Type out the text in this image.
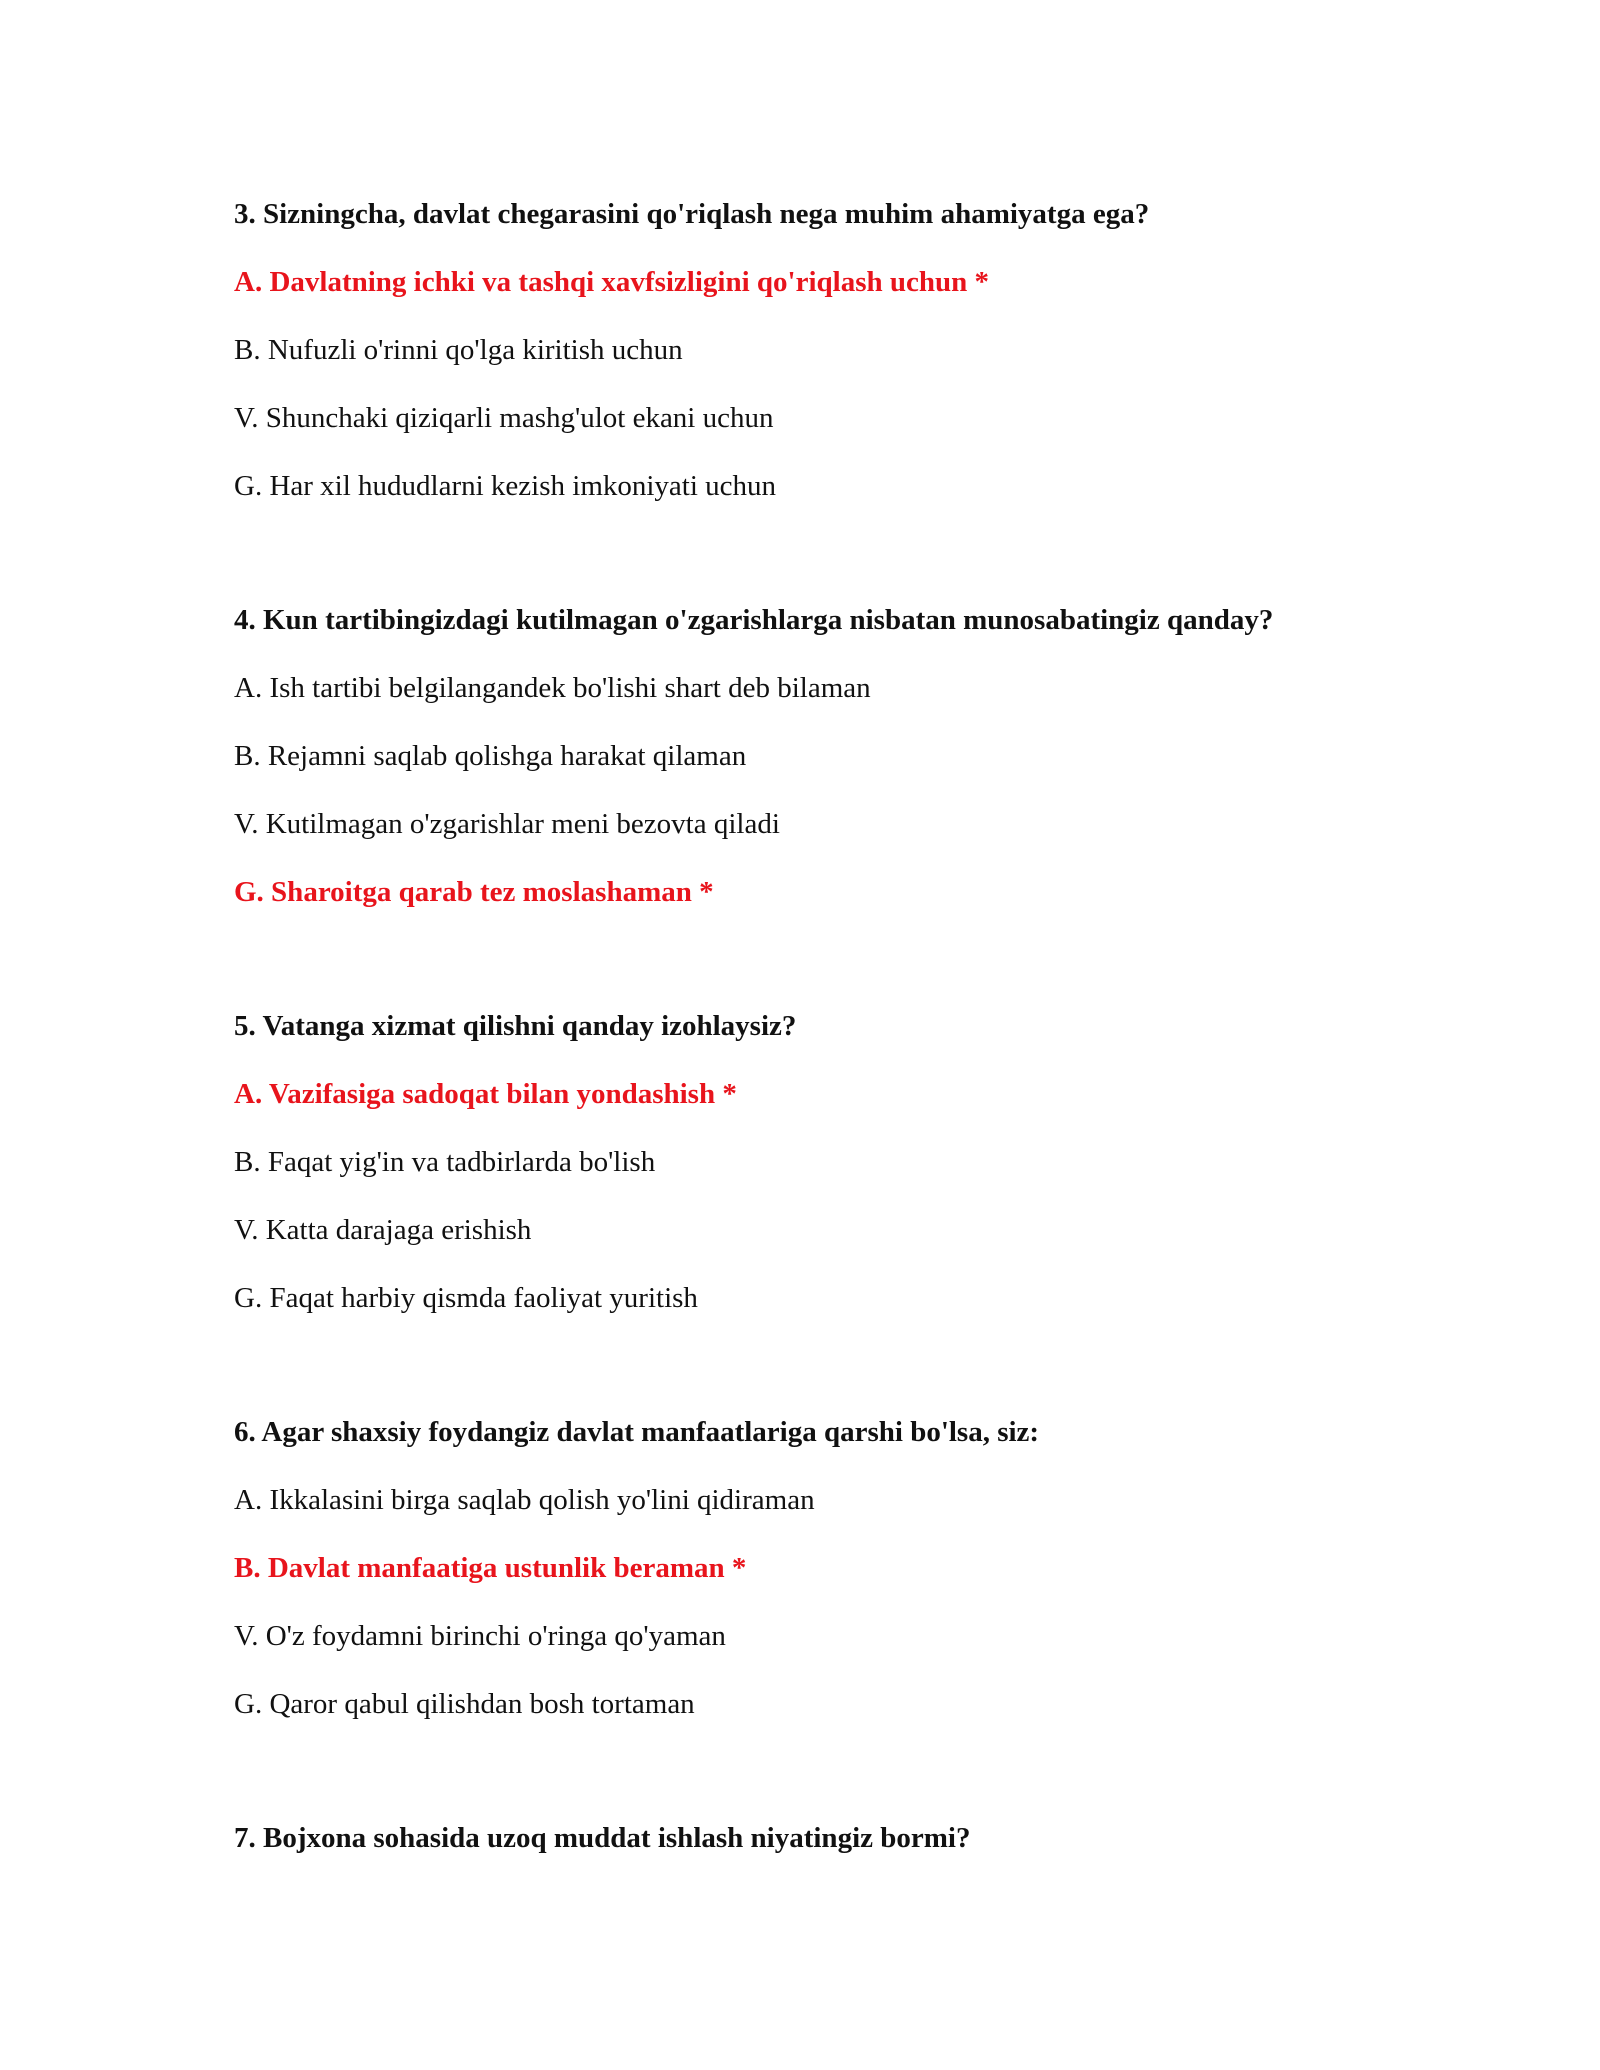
3. Sizningcha, davlat chegarasini qo'riqlash nega muhim ahamiyatga ega?
A. Davlatning ichki va tashqi xavfsizligini qo'riqlash uchun *
B. Nufuzli o'rinni qo'lga kiritish uchun
V. Shunchaki qiziqarli mashg'ulot ekani uchun
G. Har xil hududlarni kezish imkoniyati uchun
4. Kun tartibingizdagi kutilmagan o'zgarishlarga nisbatan munosabatingiz qanday?
A. Ish tartibi belgilangandek bo'lishi shart deb bilaman
B. Rejamni saqlab qolishga harakat qilaman
V. Kutilmagan o'zgarishlar meni bezovta qiladi
G. Sharoitga qarab tez moslashaman *
5. Vatanga xizmat qilishni qanday izohlaysiz?
A. Vazifasiga sadoqat bilan yondashish *
B. Faqat yig'in va tadbirlarda bo'lish
V. Katta darajaga erishish
G. Faqat harbiy qismda faoliyat yuritish
6. Agar shaxsiy foydangiz davlat manfaatlariga qarshi bo'lsa, siz:
A. Ikkalasini birga saqlab qolish yo'lini qidiraman
B. Davlat manfaatiga ustunlik beraman *
V. O'z foydamni birinchi o'ringa qo'yaman
G. Qaror qabul qilishdan bosh tortaman
7. Bojxona sohasida uzoq muddat ishlash niyatingiz bormi?
